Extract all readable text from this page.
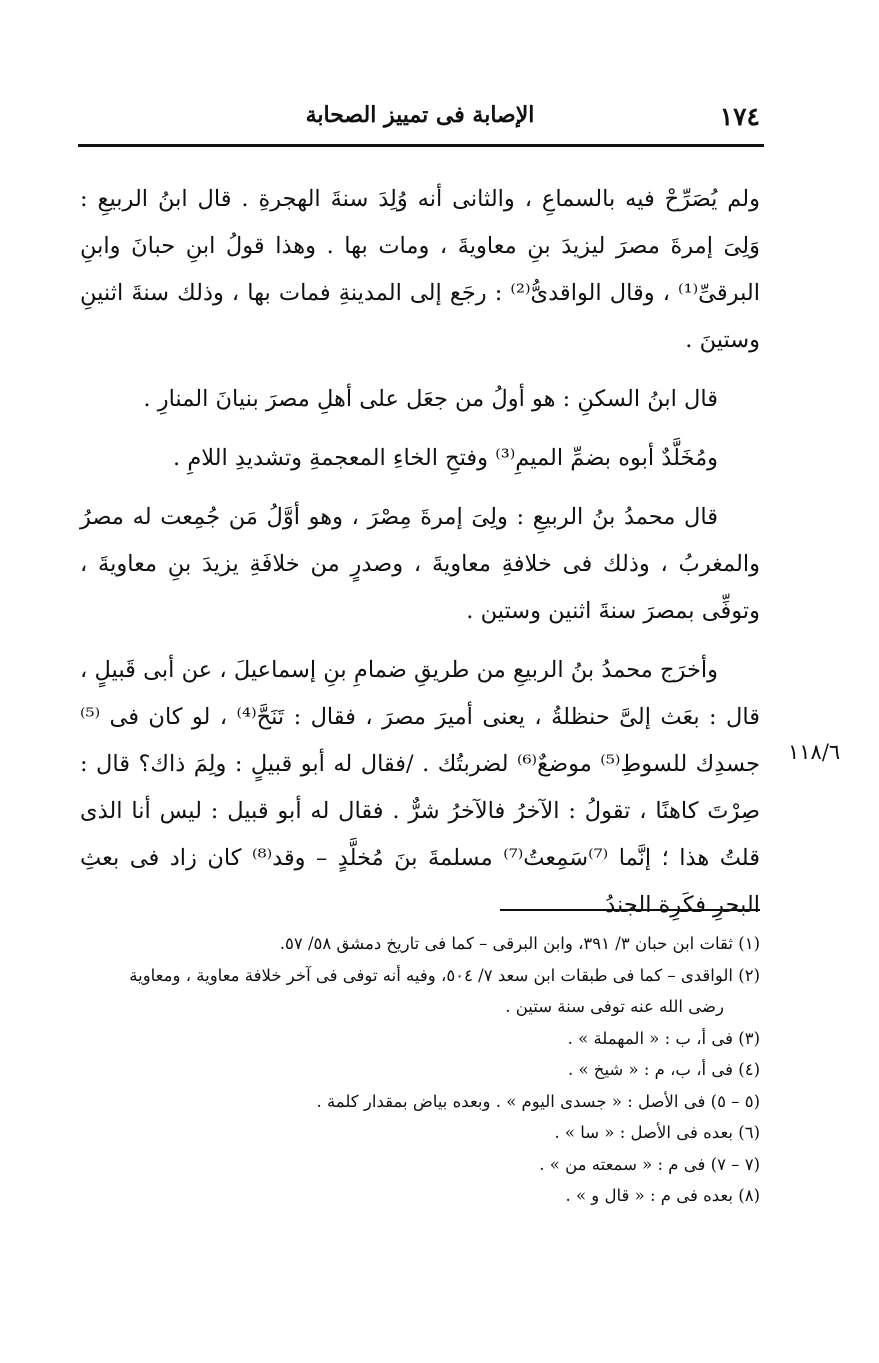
١٧٤
الإصابة فى تمييز الصحابة

ولم يُصَرِّحْ فيه بالسماعِ ، والثانى أنه وُلِدَ سنةَ الهجرةِ . قال ابنُ الربيعِ : وَلِىَ إمرةَ مصرَ ليزيدَ بنِ معاويةَ ، ومات بها . وهذا قولُ ابنِ حبانَ وابنِ البرقىِّ⁽¹⁾ ، وقال الواقدىُّ⁽²⁾ : رجَع إلى المدينةِ فمات بها ، وذلك سنةَ اثنينِ وستينَ .

قال ابنُ السكنِ : هو أولُ من جعَل على أهلِ مصرَ بنيانَ المنارِ .

ومُخَلَّدٌ أبوه بضمِّ الميمِ⁽³⁾ وفتحِ الخاءِ المعجمةِ وتشديدِ اللامِ .

قال محمدُ بنُ الربيعِ : ولِىَ إمرةَ مِصْرَ ، وهو أوَّلُ مَن جُمِعت له مصرُ والمغربُ ، وذلك فى خلافةِ معاويةَ ، وصدرٍ من خلافَةِ يزيدَ بنِ معاويةَ ، وتوفِّى بمصرَ سنةَ اثنين وستين .

وأخرَج محمدُ بنُ الربيعِ من طريقِ ضمامِ بنِ إسماعيلَ ، عن أبى قَبيلٍ ، قال : بعَث إلىَّ حنظلةُ ، يعنى أميرَ مصرَ ، فقال : تَنَحَّ⁽⁴⁾ ، لو كان فى ⁽⁵⁾جسدِك للسوطِ⁽⁵⁾ موضعٌ⁽⁶⁾ لضربتُك . /فقال له أبو قبيلٍ : ولِمَ ذاك؟ قال : صِرْتَ كاهنًا ، تقولُ : الآخرُ فالآخرُ شرٌّ . فقال له أبو قبيل : ليس أنا الذى قلتُ هذا ؛ إنَّما ⁽⁷⁾سَمِعتُ⁽⁷⁾ مسلمةَ بنَ مُخلَّدٍ – وقد⁽⁸⁾ كان زاد فى بعثِ البحرِ فكَرِة الجندُ

١١٨/٦
(١) ثقات ابن حبان ٣/ ٣٩١، وابن البرقى – كما فى تاريخ دمشق ٥٨/ ٥٧.
(٢) الواقدى – كما فى طبقات ابن سعد ٧/ ٥٠٤، وفيه أنه توفى فى آخر خلافة معاوية ، ومعاوية
رضى الله عنه توفى سنة ستين .
(٣) فى أ، ب : « المهملة » .
(٤) فى أ، ب، م : « شيخ » .
(٥ – ٥) فى الأصل : « جسدى اليوم » . وبعده بياض بمقدار كلمة .
(٦) بعده فى الأصل : « سا » .
(٧ – ٧) فى م : « سمعته من » .
(٨) بعده فى م : « قال و » .
